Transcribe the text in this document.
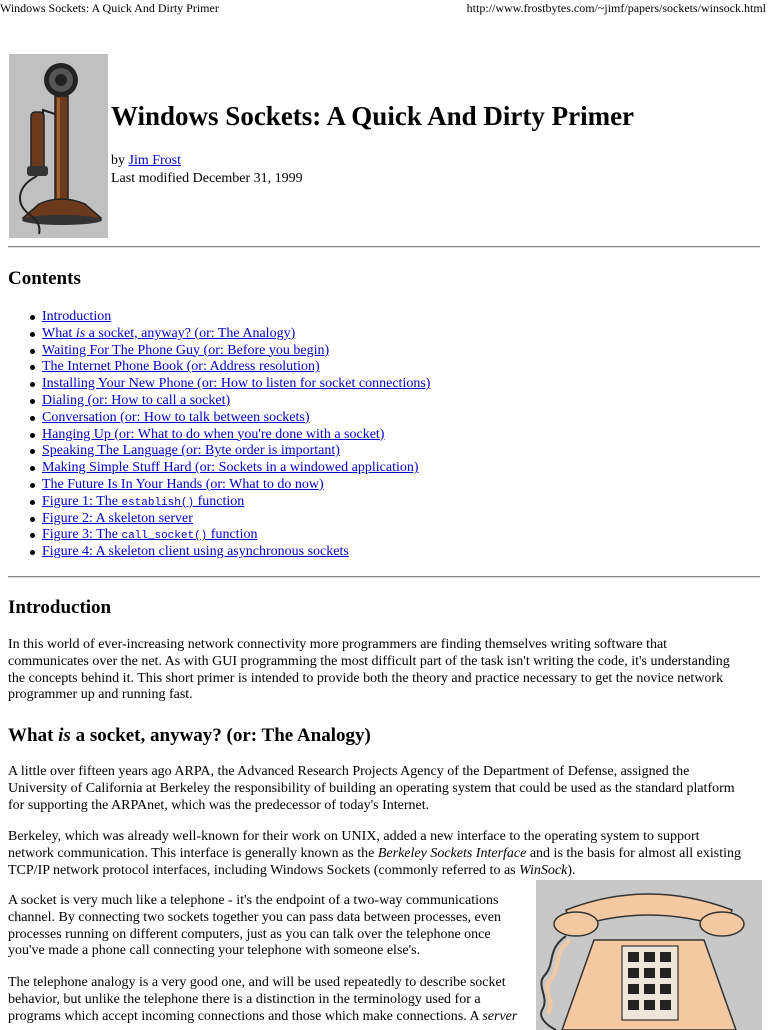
Windows Sockets: A Quick And Dirty Primer	http://www.frostbytes.com/~jimf/papers/sockets/winsock.html
Windows Sockets: A Quick And Dirty Primer
by Jim Frost
Last modified December 31, 1999
Contents
Introduction
What is a socket, anyway? (or: The Analogy)
Waiting For The Phone Guy (or: Before you begin)
The Internet Phone Book (or: Address resolution)
Installing Your New Phone (or: How to listen for socket connections)
Dialing (or: How to call a socket)
Conversation (or: How to talk between sockets)
Hanging Up (or: What to do when you're done with a socket)
Speaking The Language (or: Byte order is important)
Making Simple Stuff Hard (or: Sockets in a windowed application)
The Future Is In Your Hands (or: What to do now)
Figure 1: The establish() function
Figure 2: A skeleton server
Figure 3: The call_socket() function
Figure 4: A skeleton client using asynchronous sockets
Introduction

In this world of ever-increasing network connectivity more programmers are finding themselves writing software that
communicates over the net. As with GUI programming the most difficult part of the task isn't writing the code, it's understanding
the concepts behind it. This short primer is intended to provide both the theory and practice necessary to get the novice network
programmer up and running fast.

What is a socket, anyway? (or: The Analogy)

A little over fifteen years ago ARPA, the Advanced Research Projects Agency of the Department of Defense, assigned the
University of California at Berkeley the responsibility of building an operating system that could be used as the standard platform
for supporting the ARPAnet, which was the predecessor of today's Internet.

Berkeley, which was already well-known for their work on UNIX, added a new interface to the operating system to support
network communication. This interface is generally known as the Berkeley Sockets Interface and is the basis for almost all existing
TCP/IP network protocol interfaces, including Windows Sockets (commonly referred to as WinSock).

A socket is very much like a telephone - it's the endpoint of a two-way communications
channel. By connecting two sockets together you can pass data between processes, even
processes running on different computers, just as you can talk over the telephone once
you've made a phone call connecting your telephone with someone else's.

The telephone analogy is a very good one, and will be used repeatedly to describe socket
behavior, but unlike the telephone there is a distinction in the terminology used for a
programs which accept incoming connections and those which make connections. A server
